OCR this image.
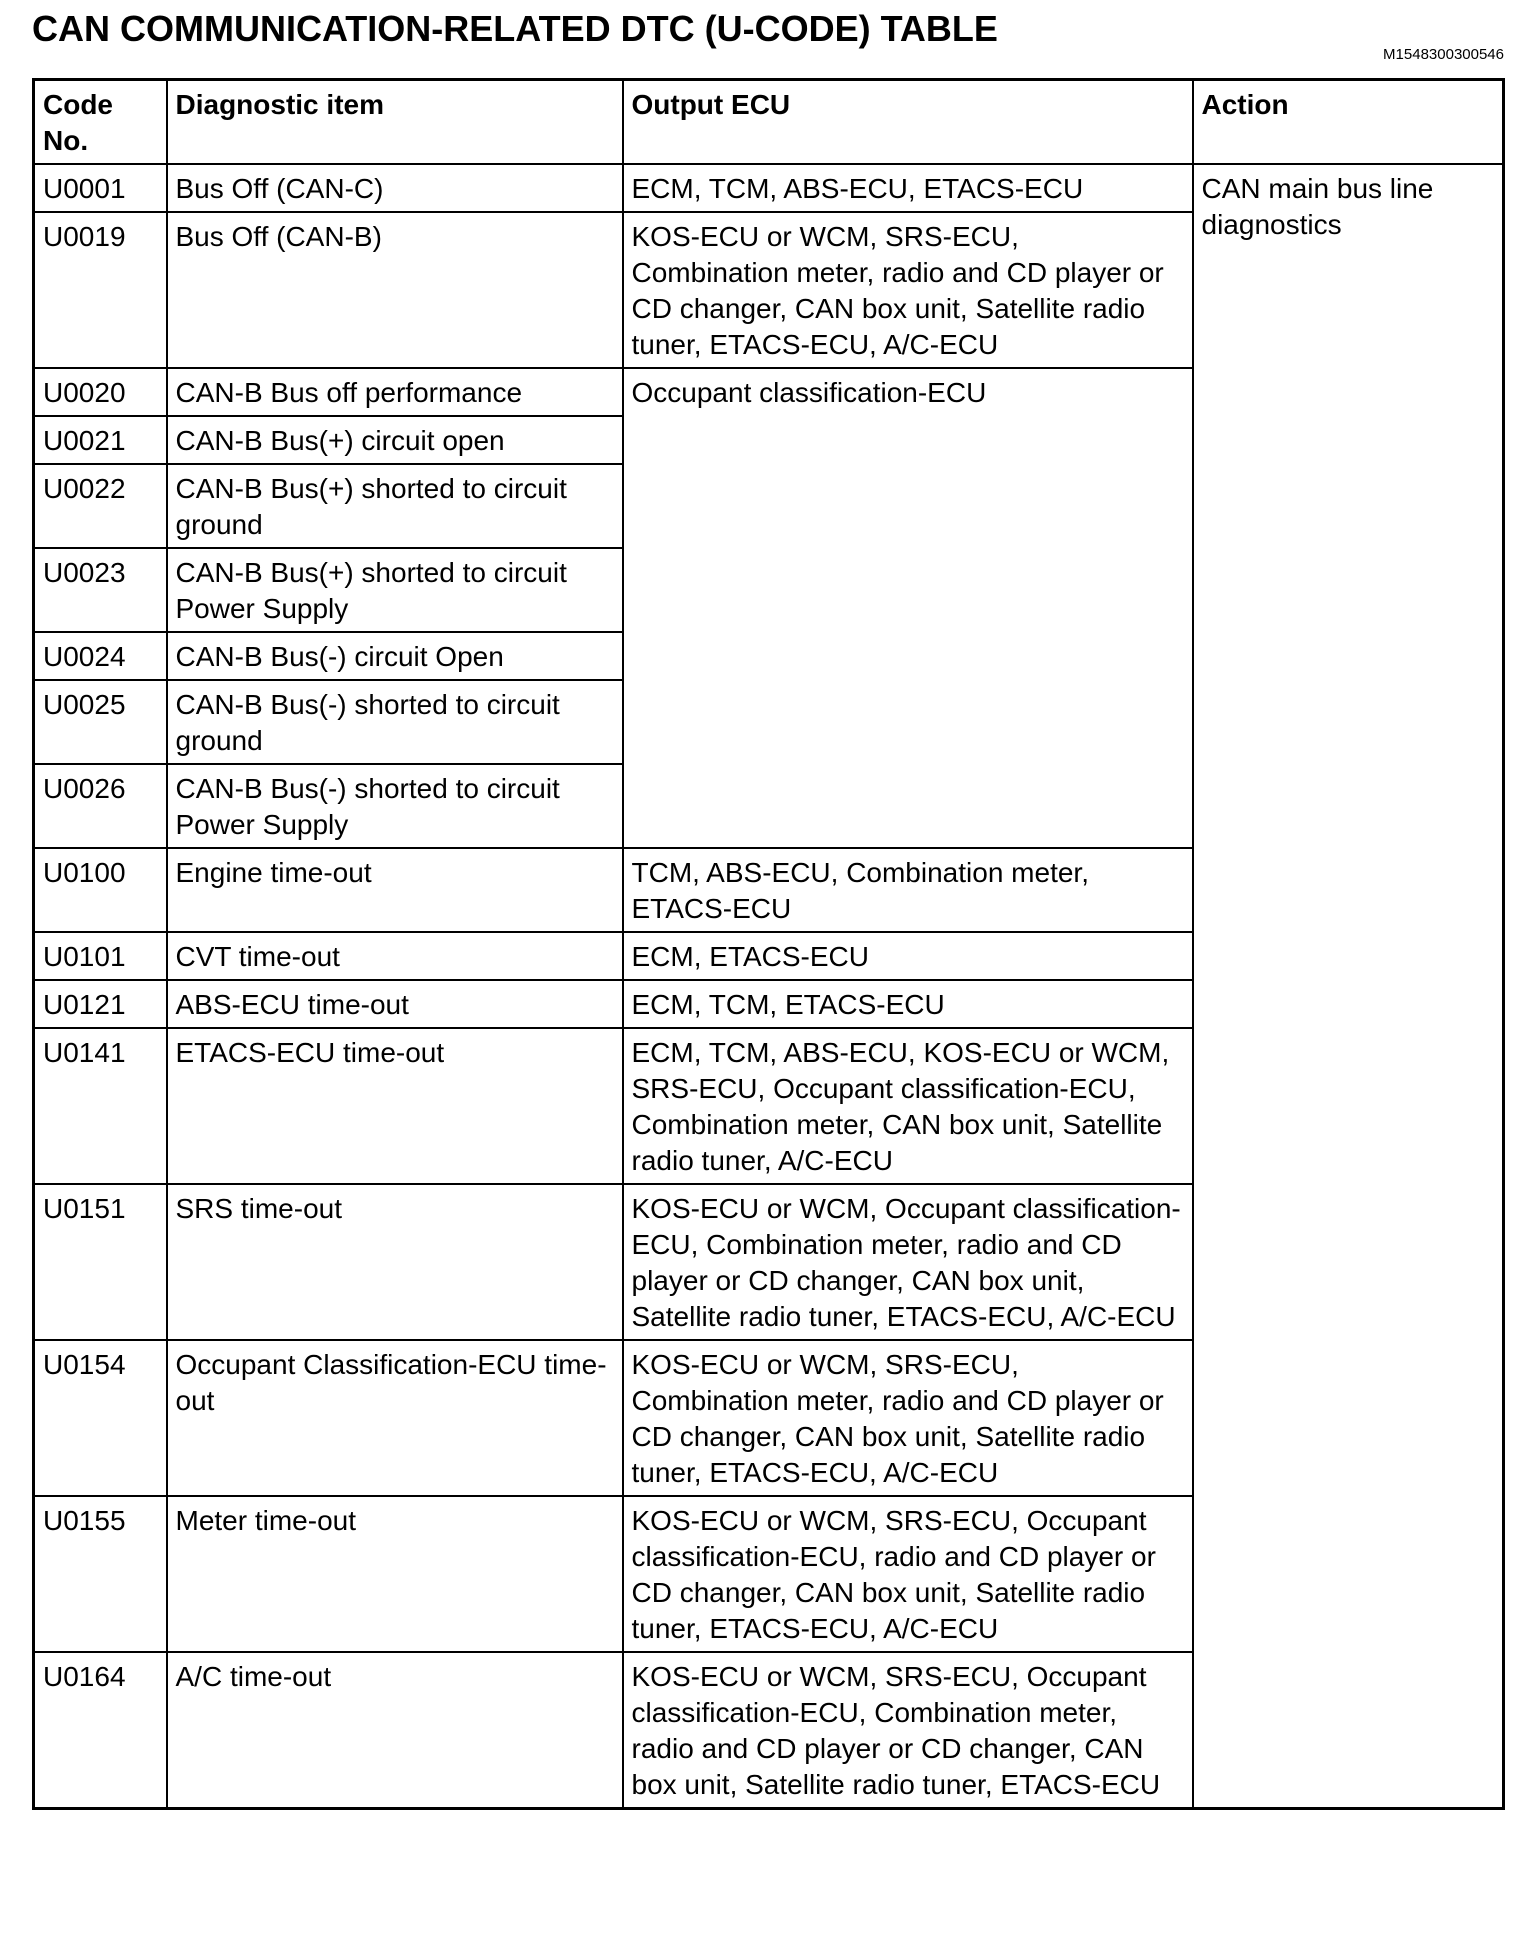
CAN COMMUNICATION-RELATED DTC (U-CODE) TABLE
M1548300300546
Code No.	Diagnostic item	Output ECU	Action
U0001	Bus Off (CAN-C)	ECM, TCM, ABS-ECU, ETACS-ECU	CAN main bus line diagnostics
U0019	Bus Off (CAN-B)	KOS-ECU or WCM, SRS-ECU, Combination meter, radio and CD player or CD changer, CAN box unit, Satellite radio tuner, ETACS-ECU, A/C-ECU	
U0020	CAN-B Bus off performance	Occupant classification-ECU	
U0021	CAN-B Bus(+) circuit open		
U0022	CAN-B Bus(+) shorted to circuit ground		
U0023	CAN-B Bus(+) shorted to circuit Power Supply		
U0024	CAN-B Bus(-) circuit Open		
U0025	CAN-B Bus(-) shorted to circuit ground		
U0026	CAN-B Bus(-) shorted to circuit Power Supply		
U0100	Engine time-out	TCM, ABS-ECU, Combination meter, ETACS-ECU	
U0101	CVT time-out	ECM, ETACS-ECU	
U0121	ABS-ECU time-out	ECM, TCM, ETACS-ECU	
U0141	ETACS-ECU time-out	ECM, TCM, ABS-ECU, KOS-ECU or WCM, SRS-ECU, Occupant classification-ECU, Combination meter, CAN box unit, Satellite radio tuner, A/C-ECU	
U0151	SRS time-out	KOS-ECU or WCM, Occupant classification-ECU, Combination meter, radio and CD player or CD changer, CAN box unit, Satellite radio tuner, ETACS-ECU, A/C-ECU	
U0154	Occupant Classification-ECU time-out	KOS-ECU or WCM, SRS-ECU, Combination meter, radio and CD player or CD changer, CAN box unit, Satellite radio tuner, ETACS-ECU, A/C-ECU	
U0155	Meter time-out	KOS-ECU or WCM, SRS-ECU, Occupant classification-ECU, radio and CD player or CD changer, CAN box unit, Satellite radio tuner, ETACS-ECU, A/C-ECU	
U0164	A/C time-out	KOS-ECU or WCM, SRS-ECU, Occupant classification-ECU, Combination meter, radio and CD player or CD changer, CAN box unit, Satellite radio tuner, ETACS-ECU	
